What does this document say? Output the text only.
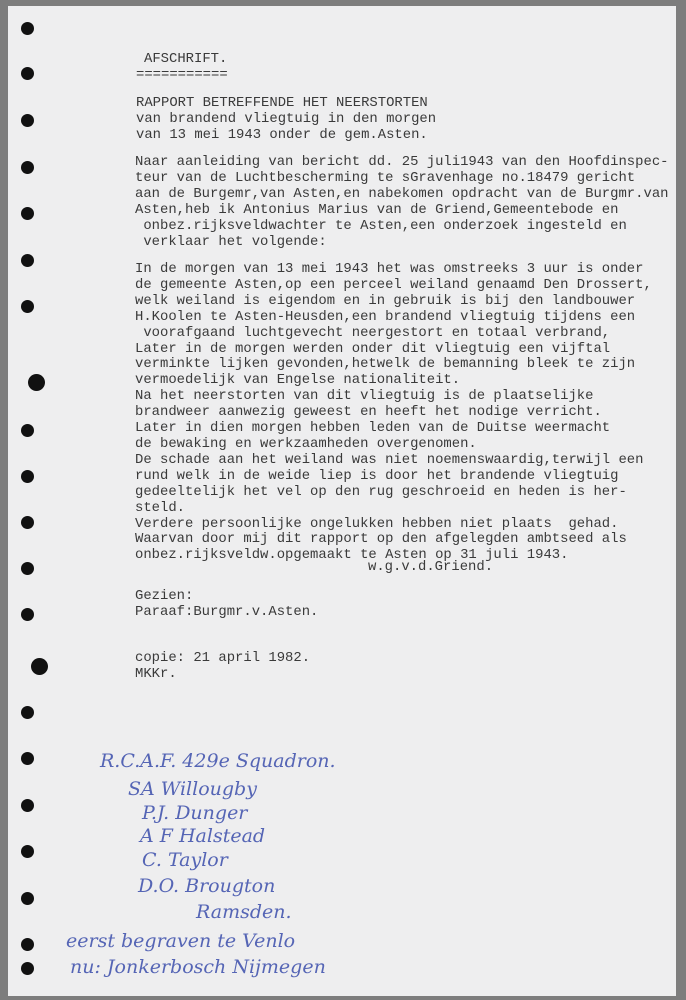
AFSCHRIFT.
===========
RAPPORT BETREFFENDE HET NEERSTORTEN
van brandend vliegtuig in den morgen
van 13 mei 1943 onder de gem.Asten.
Naar aanleiding van bericht dd. 25 juli1943 van den Hoofdinspec-
teur van de Luchtbescherming te sGravenhage no.18479 gericht
aan de Burgemr,van Asten,en nabekomen opdracht van de Burgmr.van
Asten,heb ik Antonius Marius van de Griend,Gemeentebode en
onbez.rijksveldwachter te Asten,een onderzoek ingesteld en
verklaar het volgende:
In de morgen van 13 mei 1943 het was omstreeks 3 uur is onder
de gemeente Asten,op een perceel weiland genaamd Den Drossert,
welk weiland is eigendom en in gebruik is bij den landbouwer
H.Koolen te Asten-Heusden,een brandend vliegtuig tijdens een
voorafgaand luchtgevecht neergestort en totaal verbrand,
Later in de morgen werden onder dit vliegtuig een vijftal
verminkte lijken gevonden,hetwelk de bemanning bleek te zijn
vermoedelijk van Engelse nationaliteit.
Na het neerstorten van dit vliegtuig is de plaatselijke
brandweer aanwezig geweest en heeft het nodige verricht.
Later in dien morgen hebben leden van de Duitse weermacht
de bewaking en werkzaamheden overgenomen.
De schade aan het weiland was niet noemenswaardig,terwijl een
rund welk in de weide liep is door het brandende vliegtuig
gedeeltelijk het vel op den rug geschroeid en heden is her-
steld.
Verdere persoonlijke ongelukken hebben niet plaats  gehad.
Waarvan door mij dit rapport op den afgelegden ambtseed als
onbez.rijksveldw.opgemaakt te Asten op 31 juli 1943.
w.g.v.d.Griend.
Gezien:
Paraaf:Burgmr.v.Asten.
copie: 21 april 1982.
MKKr.
R.C.A.F. 429e Squadron.
SA Willougby
P.J. Dunger
A F Halstead
C. Taylor
D.O. Brougton
Ramsden.
eerst begraven te Venlo
nu: Jonkerbosch Nijmegen
